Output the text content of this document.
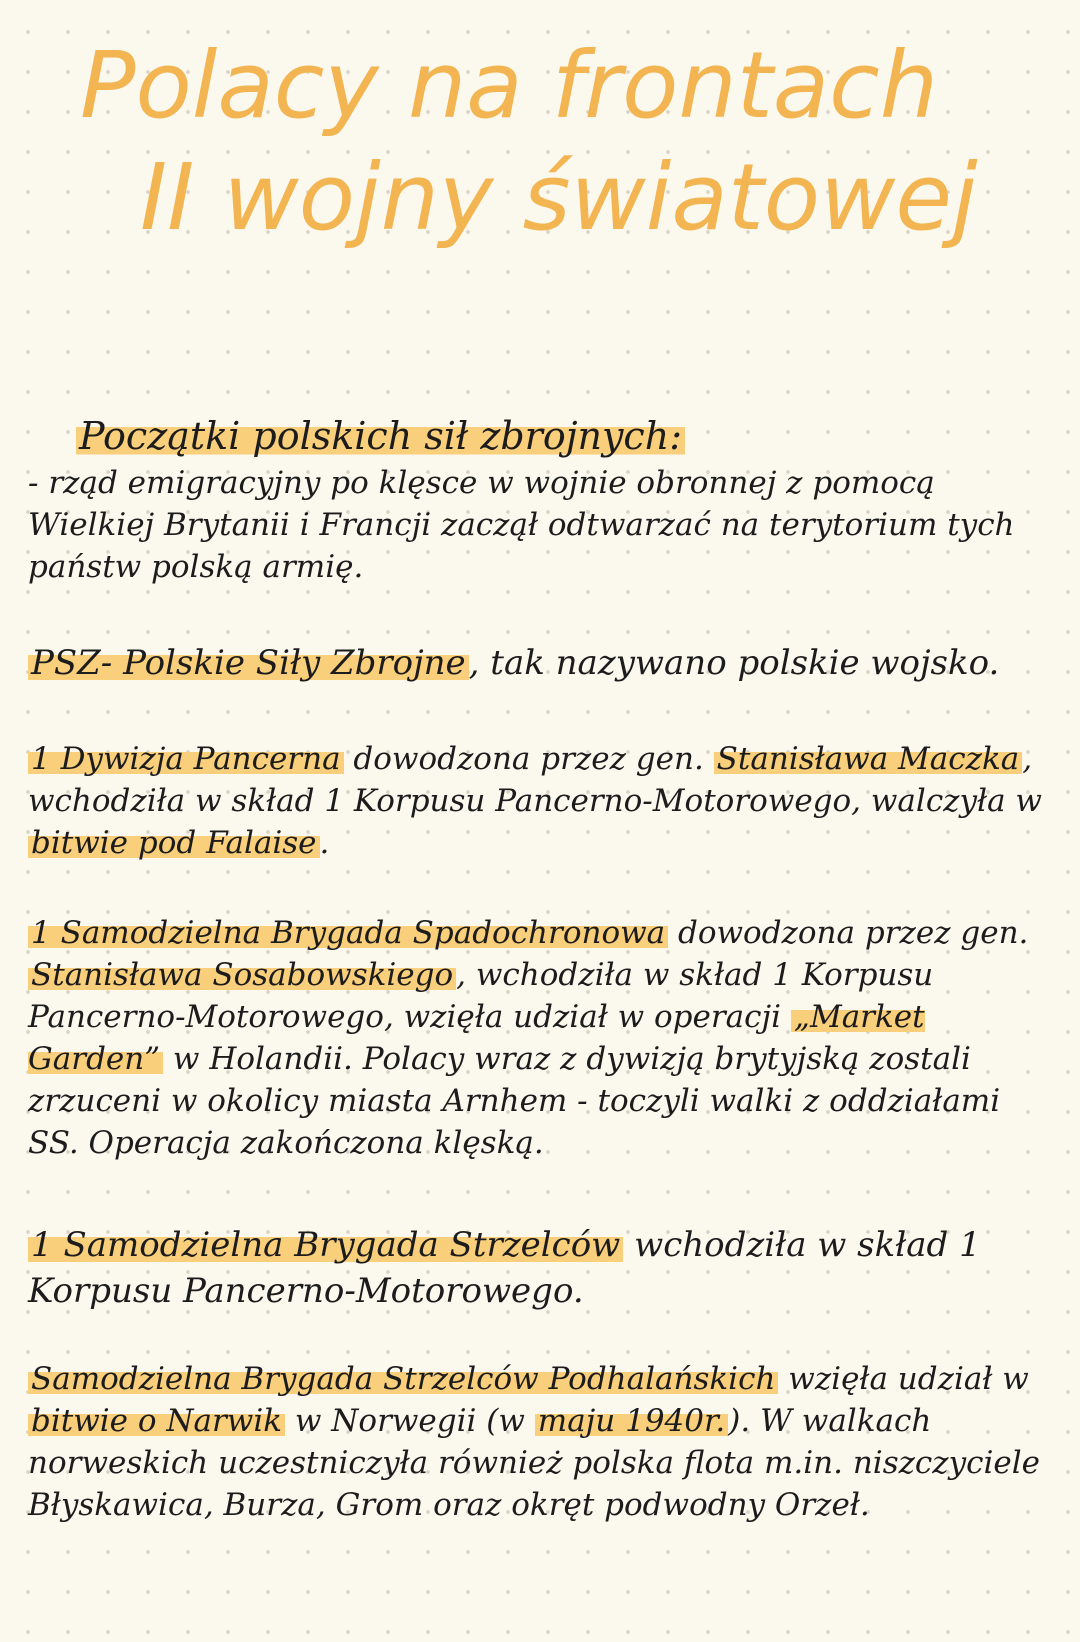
Polacy na frontach
II wojny światowej
Początki polskich sił zbrojnych:

- rząd emigracyjny po klęsce w wojnie obronnej z pomocą Wielkiej Brytanii i Francji zaczął odtwarzać na terytorium tych państw polską armię.

PSZ- Polskie Siły Zbrojne, tak nazywano polskie wojsko.

1 Dywizja Pancerna dowodzona przez gen. Stanisława Maczka, wchodziła w skład 1 Korpusu Pancerno-Motorowego, walczyła w bitwie pod Falaise.

1 Samodzielna Brygada Spadochronowa dowodzona przez gen. Stanisława Sosabowskiego, wchodziła w skład 1 Korpusu Pancerno-Motorowego, wzięła udział w operacji „Market Garden” w Holandii. Polacy wraz z dywizją brytyjską zostali zrzuceni w okolicy miasta Arnhem - toczyli walki z oddziałami SS. Operacja zakończona klęską.

1 Samodzielna Brygada Strzelców wchodziła w skład 1 Korpusu Pancerno-Motorowego.

Samodzielna Brygada Strzelców Podhalańskich wzięła udział w bitwie o Narwik w Norwegii (w maju 1940r.). W walkach norweskich uczestniczyła również polska flota m.in. niszczyciele Błyskawica, Burza, Grom oraz okręt podwodny Orzeł.
